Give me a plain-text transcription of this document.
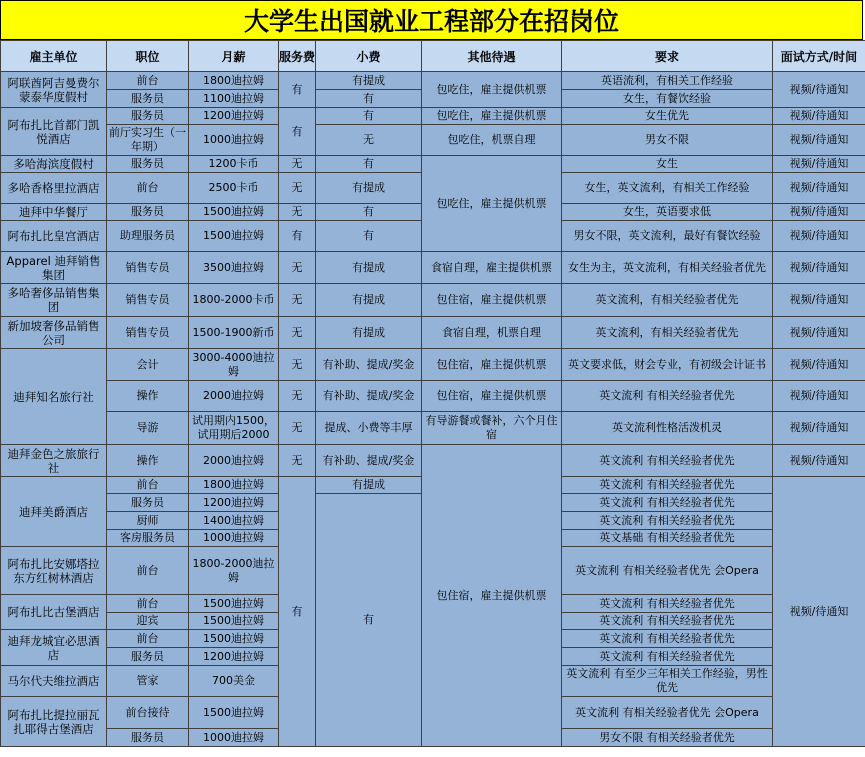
大学生出国就业工程部分在招岗位
雇主单位	职位	月薪	服务费	小费	其他待遇	要求	面试方式/时间
阿联酋阿吉曼费尔蒙泰华度假村	前台	1800迪拉姆	有	有提成	包吃住，雇主提供机票	英语流利，有相关工作经验	视频/待通知
	服务员	1100迪拉姆		有		女生，有餐饮经验	
阿布扎比首都门凯悦酒店	服务员	1200迪拉姆	有	有	包吃住，雇主提供机票	女生优先	视频/待通知
	前厅实习生（一年期）	1000迪拉姆		无	包吃住，机票自理	男女不限	视频/待通知
多哈海滨度假村	服务员	1200卡币	无	有	包吃住，雇主提供机票	女生	视频/待通知
多哈香格里拉酒店	前台	2500卡币	无	有提成		女生，英文流利，有相关工作经验	视频/待通知
迪拜中华餐厅	服务员	1500迪拉姆	无	有		女生，英语要求低	视频/待通知
阿布扎比皇宫酒店	助理服务员	1500迪拉姆	有	有		男女不限，英文流利，最好有餐饮经验	视频/待通知
Apparel 迪拜销售集团	销售专员	3500迪拉姆	无	有提成	食宿自理，雇主提供机票	女生为主，英文流利，有相关经验者优先	视频/待通知
多哈奢侈品销售集团	销售专员	1800-2000卡币	无	有提成	包住宿，雇主提供机票	英文流利，有相关经验者优先	视频/待通知
新加坡奢侈品销售公司	销售专员	1500-1900新币	无	有提成	食宿自理，机票自理	英文流利，有相关经验者优先	视频/待通知
迪拜知名旅行社	会计	3000-4000迪拉姆	无	有补助、提成/奖金	包住宿，雇主提供机票	英文要求低，财会专业，有初级会计证书	视频/待通知
	操作	2000迪拉姆	无	有补助、提成/奖金	包住宿，雇主提供机票	英文流利 有相关经验者优先	视频/待通知
	导游	试用期内1500，试用期后2000	无	提成、小费等丰厚	有导游餐或餐补，六个月住宿	英文流利性格活泼机灵	视频/待通知
迪拜金色之旅旅行社	操作	2000迪拉姆	无	有补助、提成/奖金	包住宿，雇主提供机票	英文流利 有相关经验者优先	视频/待通知
迪拜美爵酒店	前台	1800迪拉姆	有	有提成		英文流利 有相关经验者优先	视频/待通知
	服务员	1200迪拉姆		有		英文流利 有相关经验者优先	
	厨师	1400迪拉姆				英文流利 有相关经验者优先	
	客房服务员	1000迪拉姆				英文基础 有相关经验者优先	
阿布扎比安娜塔拉东方红树林酒店	前台	1800-2000迪拉姆				英文流利 有相关经验者优先 会Opera	
阿布扎比古堡酒店	前台	1500迪拉姆				英文流利 有相关经验者优先	
	迎宾	1500迪拉姆				英文流利 有相关经验者优先	
迪拜龙城宜必思酒店	前台	1500迪拉姆				英文流利 有相关经验者优先	
	服务员	1200迪拉姆				英文流利 有相关经验者优先	
马尔代夫维拉酒店	管家	700美金				英文流利 有至少三年相关工作经验，男性优先	
阿布扎比提拉丽瓦扎耶得古堡酒店	前台接待	1500迪拉姆				英文流利 有相关经验者优先 会Opera	
	服务员	1000迪拉姆				男女不限 有相关经验者优先	
